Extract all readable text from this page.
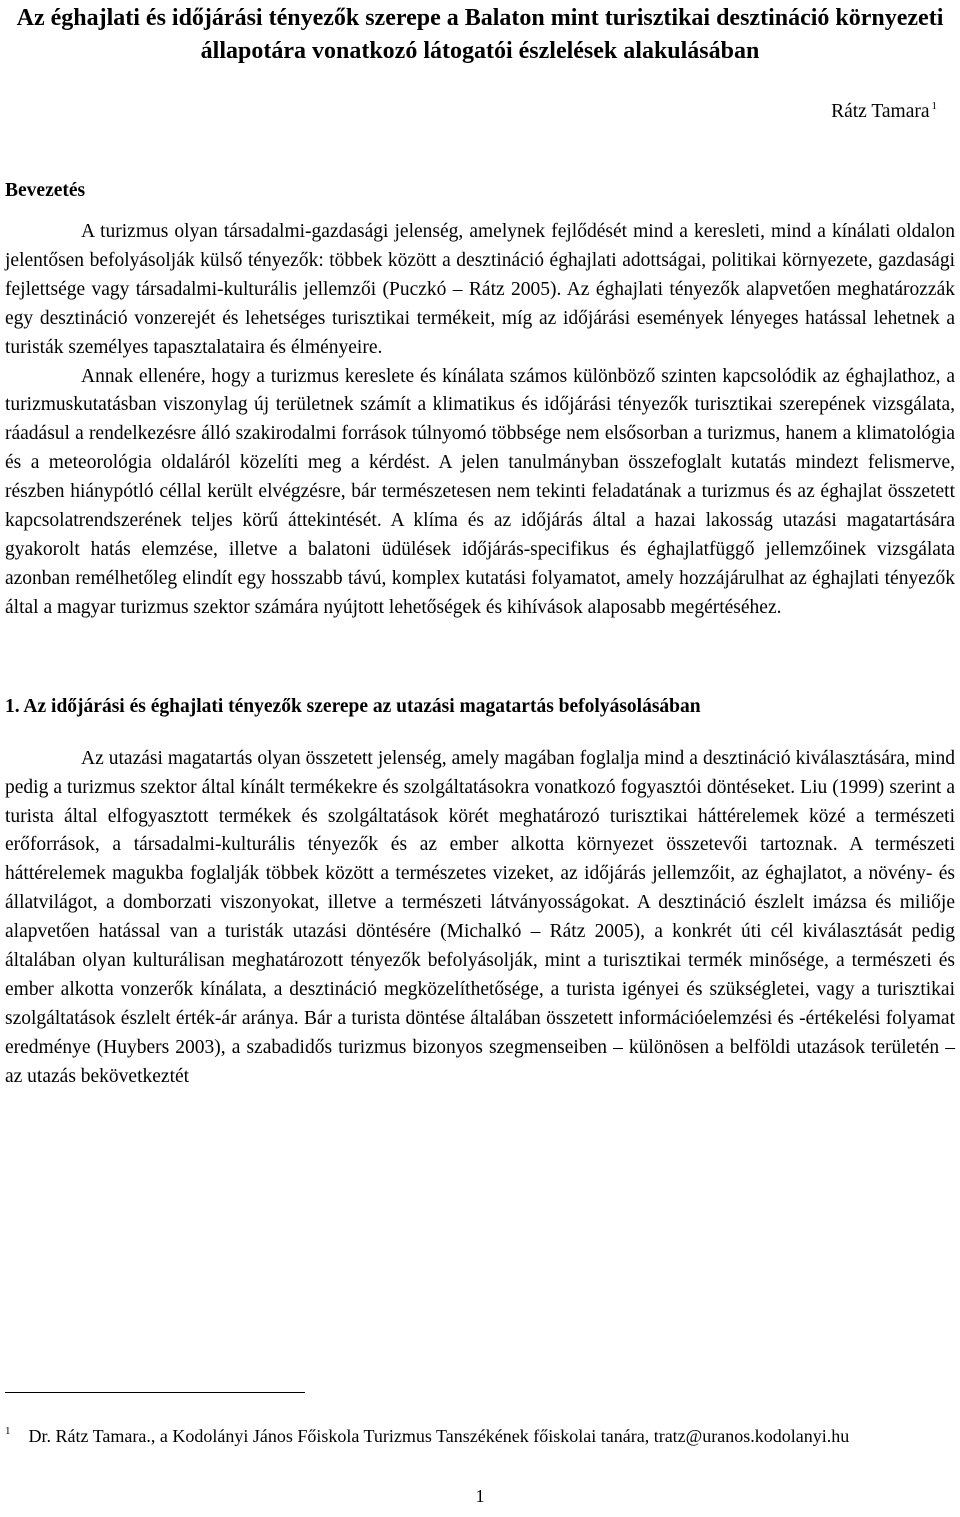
Az éghajlati és időjárási tényezők szerepe a Balaton mint turisztikai desztináció környezeti állapotára vonatkozó látogatói észlelések alakulásában
Rátz Tamara $^1$
Bevezetés

A turizmus olyan társadalmi-gazdasági jelenség, amelynek fejlődését mind a keresleti, mind a kínálati oldalon jelentősen befolyásolják külső tényezők: többek között a desztináció éghajlati adottságai, politikai környezete, gazdasági fejlettsége vagy társadalmi-kulturális jellemzői (Puczkó – Rátz 2005). Az éghajlati tényezők alapvetően meghatározzák egy desztináció vonzerejét és lehetséges turisztikai termékeit, míg az időjárási események lényeges hatással lehetnek a turisták személyes tapasztalataira és élményeire.

Annak ellenére, hogy a turizmus kereslete és kínálata számos különböző szinten kapcsolódik az éghajlathoz, a turizmuskutatásban viszonylag új területnek számít a klimatikus és időjárási tényezők turisztikai szerepének vizsgálata, ráadásul a rendelkezésre álló szakirodalmi források túlnyomó többsége nem elsősorban a turizmus, hanem a klimatológia és a meteorológia oldaláról közelíti meg a kérdést. A jelen tanulmányban összefoglalt kutatás mindezt felismerve, részben hiánypótló céllal került elvégzésre, bár természetesen nem tekinti feladatának a turizmus és az éghajlat összetett kapcsolatrendszerének teljes körű áttekintését. A klíma és az időjárás által a hazai lakosság utazási magatartására gyakorolt hatás elemzése, illetve a balatoni üdülések időjárás-specifikus és éghajlatfüggő jellemzőinek vizsgálata azonban remélhetőleg elindít egy hosszabb távú, komplex kutatási folyamatot, amely hozzájárulhat az éghajlati tényezők által a magyar turizmus szektor számára nyújtott lehetőségek és kihívások alaposabb megértéséhez.

1. Az időjárási és éghajlati tényezők szerepe az utazási magatartás befolyásolásában

Az utazási magatartás olyan összetett jelenség, amely magában foglalja mind a desztináció kiválasztására, mind pedig a turizmus szektor által kínált termékekre és szolgáltatásokra vonatkozó fogyasztói döntéseket. Liu (1999) szerint a turista által elfogyasztott termékek és szolgáltatások körét meghatározó turisztikai háttérelemek közé a természeti erőforrások, a társadalmi-kulturális tényezők és az ember alkotta környezet összetevői tartoznak. A természeti háttérelemek magukba foglalják többek között a természetes vizeket, az időjárás jellemzőit, az éghajlatot, a növény- és állatvilágot, a domborzati viszonyokat, illetve a természeti látványosságokat. A desztináció észlelt imázsa és miliője alapvetően hatással van a turisták utazási döntésére (Michalkó – Rátz 2005), a konkrét úti cél kiválasztását pedig általában olyan kulturálisan meghatározott tényezők befolyásolják, mint a turisztikai termék minősége, a természeti és ember alkotta vonzerők kínálata, a desztináció megközelíthetősége, a turista igényei és szükségletei, vagy a turisztikai szolgáltatások észlelt érték-ár aránya. Bár a turista döntése általában összetett információelemzési és -értékelési folyamat eredménye (Huybers 2003), a szabadidős turizmus bizonyos szegmenseiben – különösen a belföldi utazások területén – az utazás bekövetkeztét

$^1$ Dr. Rátz Tamara., a Kodolányi János Főiskola Turizmus Tanszékének főiskolai tanára, tratz@uranos.kodolanyi.hu
1
